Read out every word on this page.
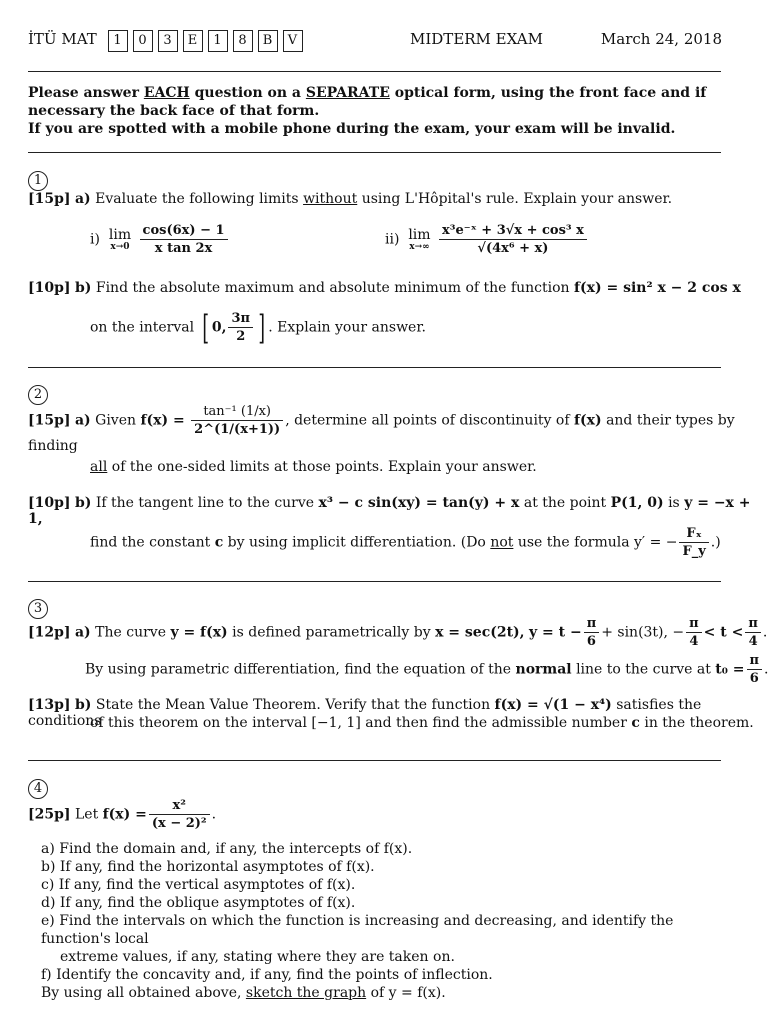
İTÜ MAT 1 0 3 E 1 8 B V	MIDTERM EXAM	March 24, 2018
Please answer EACH question on a SEPARATE optical form, using the front face and if
necessary the back face of that form.
If you are spotted with a mobile phone during the exam, your exam will be invalid.
1
[15p] a) Evaluate the following limits without using L'Hôpital's rule. Explain your answer.
i) lim
x→0
$\frac{\cos(6x) - 1}{\text{x tan 2x}}$	ii) lim
x→∞
$\frac{\text{x³e⁻ˣ + 3√x + cos³ x}}{\text{√(4x⁶ + x)}}$
[10p] b) Find the absolute maximum and absolute minimum of the function f(x) = sin² x − 2 cos x
on the interval [ 0, $\frac{3\pi}{2}$ ] . Explain your answer.
2
[15p] a) Given $f(x) = \frac{\text{tan⁻¹ (1/x)}}{2\^{}(1/(x+1))}$ , determine all points of discontinuity of f(x) and their types by finding
all of the one-sided limits at those points. Explain your answer.
[10p] b) If the tangent line to the curve x³ − c sin(xy) = tan(y) + x at the point P(1, 0) is y = −x + 1,
find the constant c by using implicit differentiation. (Do not use the formula y′ = − $\frac{\text{Fₓ}}{F\_y}$ .)
3
[12p] a) The curve y = f(x) is defined parametrically by x = sec(2t), $y = t - \frac{\pi}{6} + \sin(3t)$, − $\frac{\pi}{4} < t < \frac{\pi}{4}$ .
By using parametric differentiation, find the equation of the normal line to the curve at $t_0 = \frac{\pi}{6}$
[13p] b) State the Mean Value Theorem. Verify that the function f(x) = √(1 − x⁴) satisfies the conditions
of this theorem on the interval [−1, 1] and then find the admissible number c in the theorem.
4
[25p] Let $f(x) = \frac{\text{x²}}{\text{(x − 2)²}}$ .
a) Find the domain and, if any, the intercepts of f(x).
b) If any, find the horizontal asymptotes of f(x).
c) If any, find the vertical asymptotes of f(x).
d) If any, find the oblique asymptotes of f(x).
e) Find the intervals on which the function is increasing and decreasing, and identify the function's local
extreme values, if any, stating where they are taken on.
f) Identify the concavity and, if any, find the points of inflection.
By using all obtained above, sketch the graph of y = f(x).
